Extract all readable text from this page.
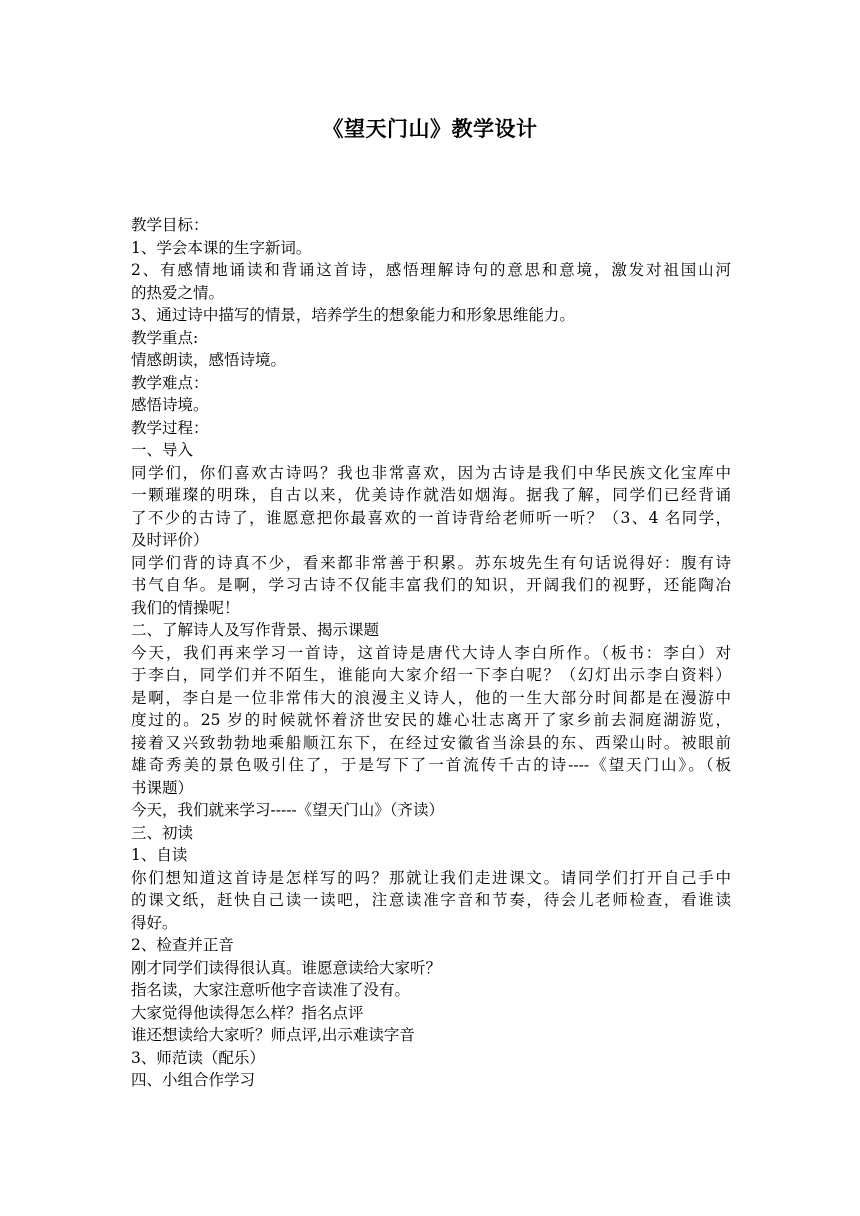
《望天门山》教学设计
教学目标：
1、学会本课的生字新词。
2、有感情地诵读和背诵这首诗，感悟理解诗句的意思和意境，激发对祖国山河
的热爱之情。
3、通过诗中描写的情景，培养学生的想象能力和形象思维能力。
教学重点:
情感朗读，感悟诗境。
教学难点：
感悟诗境。
教学过程：
一、导入
同学们，你们喜欢古诗吗？我也非常喜欢，因为古诗是我们中华民族文化宝库中
一颗璀璨的明珠，自古以来，优美诗作就浩如烟海。据我了解，同学们已经背诵
了不少的古诗了，谁愿意把你最喜欢的一首诗背给老师听一听？（3、4 名同学，
及时评价）
同学们背的诗真不少，看来都非常善于积累。苏东坡先生有句话说得好：腹有诗
书气自华。是啊，学习古诗不仅能丰富我们的知识，开阔我们的视野，还能陶冶
我们的情操呢！
二、了解诗人及写作背景、揭示课题
今天，我们再来学习一首诗，这首诗是唐代大诗人李白所作。（板书：李白）对
于李白，同学们并不陌生，谁能向大家介绍一下李白呢？（幻灯出示李白资料）
是啊，李白是一位非常伟大的浪漫主义诗人，他的一生大部分时间都是在漫游中
度过的。25 岁的时候就怀着济世安民的雄心壮志离开了家乡前去洞庭湖游览，
接着又兴致勃勃地乘船顺江东下，在经过安徽省当涂县的东、西梁山时。被眼前
雄奇秀美的景色吸引住了，于是写下了一首流传千古的诗----《望天门山》。（板
书课题）
今天，我们就来学习-----《望天门山》（齐读）
三、初读
1、自读
你们想知道这首诗是怎样写的吗？那就让我们走进课文。请同学们打开自己手中
的课文纸，赶快自己读一读吧，注意读准字音和节奏，待会儿老师检查，看谁读
得好。
2、检查并正音
刚才同学们读得很认真。谁愿意读给大家听？
指名读，大家注意听他字音读准了没有。
大家觉得他读得怎么样？指名点评
谁还想读给大家听？师点评,出示难读字音
3、师范读（配乐）
四、小组合作学习
